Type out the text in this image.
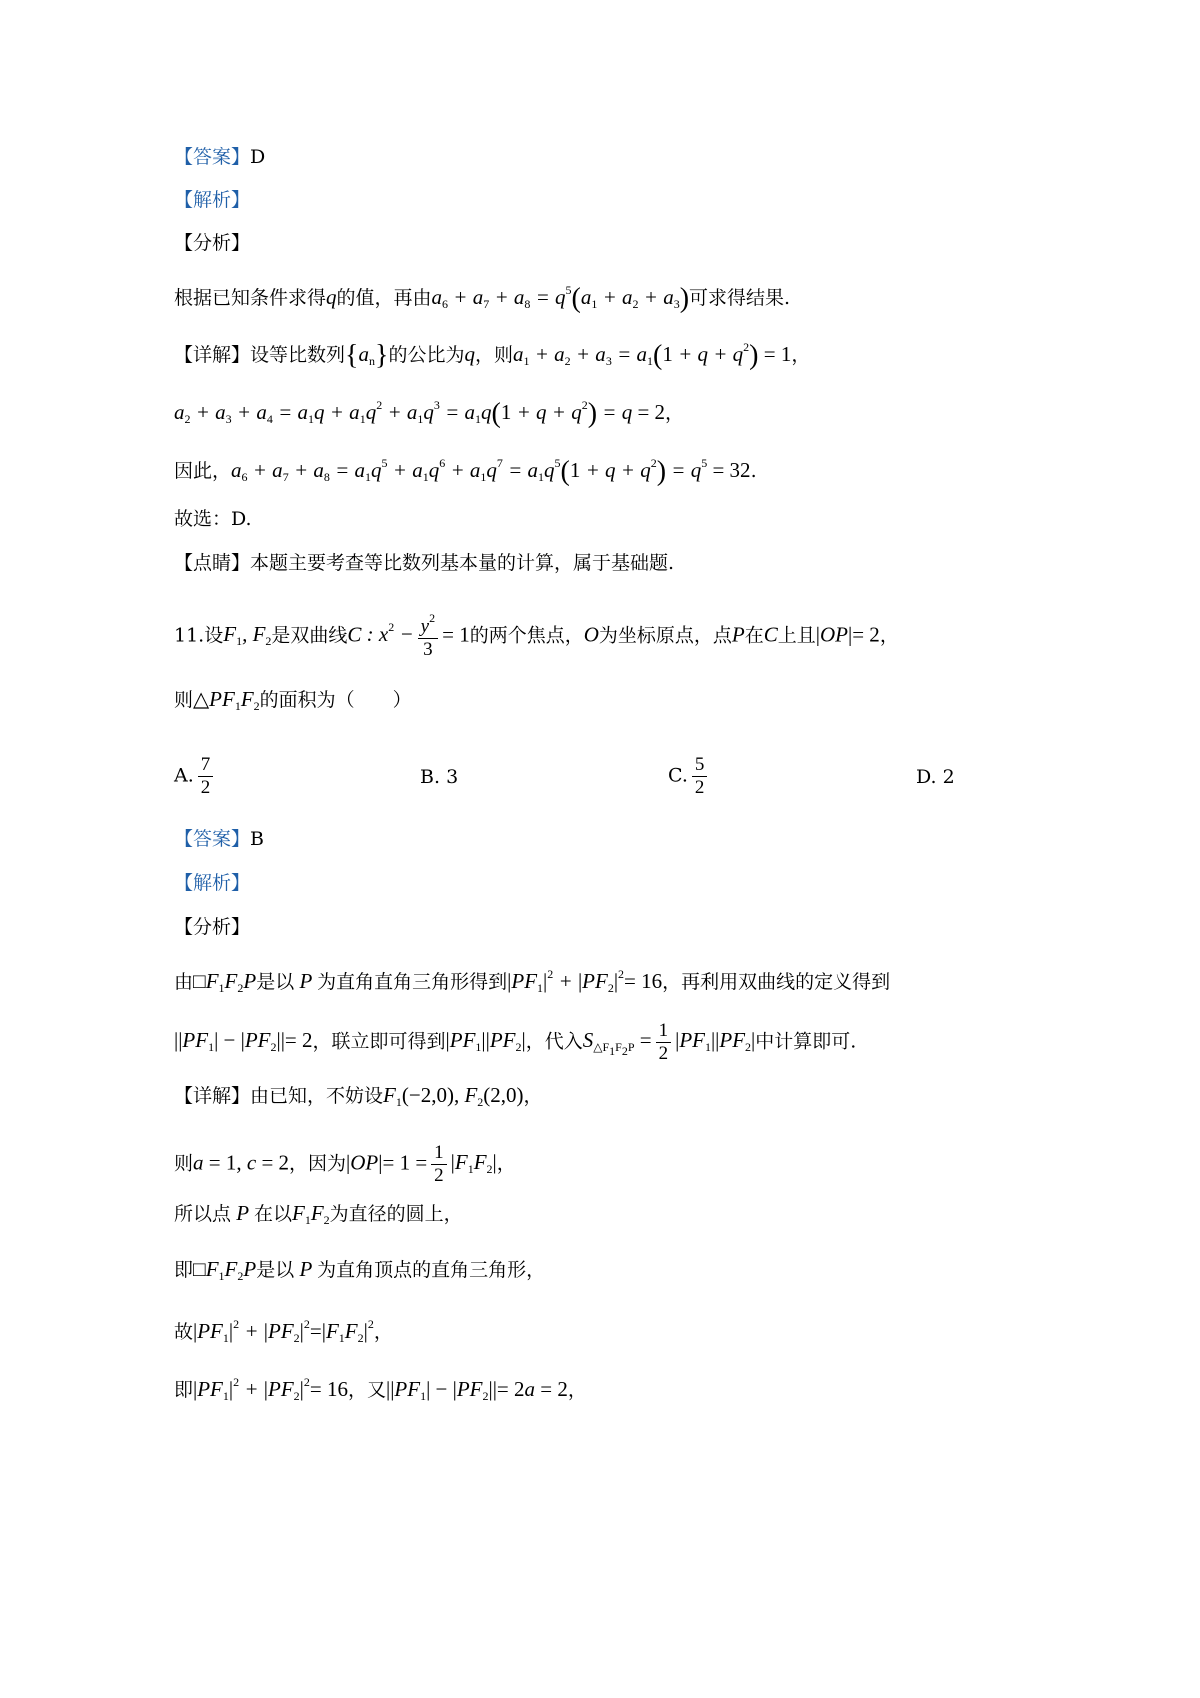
【答案】D
【解析】
【分析】
根据已知条件求得q的值，再由$a_6 + a_7 + a_8 = q^5(a_1 + a_2 + a_3)$可求得结果.
【详解】设等比数列$\{a_n\}$的公比为q，则$a_1 + a_2 + a_3 = a_1(1 + q + q^2) = 1$，
$a_2 + a_3 + a_4 = a_1q + a_1q^2 + a_1q^3 = a_1q(1 + q + q^2) = q = 2$，
因此，$a_6 + a_7 + a_8 = a_1q^5 + a_1q^6 + a_1q^7 = a_1q^5(1 + q + q^2) = q^5 = 32$.
故选：D.
【点睛】本题主要考查等比数列基本量的计算，属于基础题.
11.设$F_1$, $F_2$是双曲线C : $x^2 - \frac{y^2}{3} = 1$的两个焦点，O为坐标原点，点P在C上且|OP|= 2，
则$\triangle PF_1F_2$的面积为（　　）
A. $\frac{7}{2}$	B. 3	C. $\frac{5}{2}$	D. 2
【答案】B
【解析】
【分析】
由$□F_1F_2P$是以 P 为直角直角三角形得到$|PF_1|^2 + |PF_2|^2= 16$，再利用双曲线的定义得到
$||PF_1| - |PF_2||= 2$，联立即可得到$|PF_1||PF_2|$，代入$S_{\triangle F_1F_2P} = \frac{1}{2} |PF_1||PF_2|$中计算即可.
【详解】由已知，不妨设$F_1(-2,0)$, $F_2(2,0)$，
则a = 1, c = 2，因为$|OP|= 1 = \frac{1}{2} |F_1F_2|$，
所以点 P 在以$F_1F_2$为直径的圆上，
即$□F_1F_2P$是以 P 为直角顶点的直角三角形，
故$|PF_1|^2 + |PF_2|^2=|F_1F_2|^2$，
即$|PF_1|^2 + |PF_2|^2= 16$，又$||PF_1| - |PF_2||= 2a = 2$，
